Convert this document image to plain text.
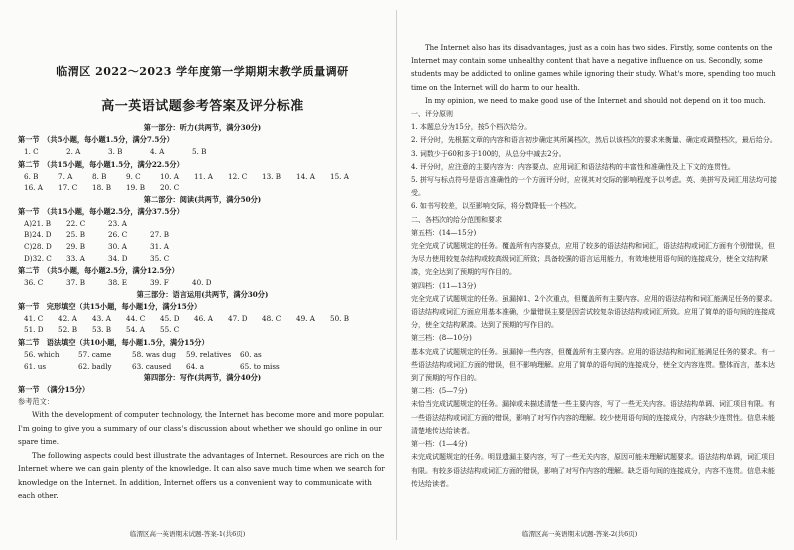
临渭区 2022～2023 学年度第一学期期末教学质量调研
高一英语试题参考答案及评分标准
第一部分：听力(共两节，满分30分)
第一节　（共5小题，每小题1.5分，满分7.5分）
1. C	2. A	3. B	4. A	5. B
第二节　（共15小题，每小题1.5分，满分22.5分）
6. B	7. A	8. B	9. C	10. A	11. A	12. C	13. B	14. A	15. A
16. A	17. C	18. B	19. B	20. C
第二部分：阅读(共两节，满分50分)
第一节　（共15小题，每小题2.5分，满分37.5分）
A)21. B	22. C	23. A
B)24. D	25. B	26. C	27. B
C)28. D	29. B	30. A	31. A
D)32. C	33. A	34. D	35. C
第二节　（共5小题，每小题2.5分，满分12.5分）
36. C	37. B	38. E	39. F	40. D
第三部分：语言运用(共两节，满分30分)
第一节　完形填空（共15小题，每小题1分，满分15分）
41. C	42. A	43. A	44. C	45. D	46. A	47. D	48. C	49. A	50. B
51. D	52. B	53. B	54. A	55. C
第二节　语法填空（共10小题，每小题1.5分，满分15分）
56. which	57. came	58. was dug	59. relatives	60. as
61. us	62. badly	63. caused	64. a	65. to miss
第四部分：写作(共两节，满分40分)
第一节　（满分15分）
参考范文：

With the development of computer technology, the Internet has become more and more popular. I'm going to give you a summary of our class's discussion about whether we should go online in our spare time.

The following aspects could best illustrate the advantages of Internet. Resources are rich on the Internet where we can gain plenty of the knowledge. It can also save much time when we search for knowledge on the Internet. In addition, Internet offers us a convenient way to communicate with each other.

The Internet also has its disadvantages, just as a coin has two sides. Firstly, some contents on the Internet may contain some unhealthy content that have a negative influence on us. Secondly, some students may be addicted to online games while ignoring their study. What's more, spending too much time on the Internet will do harm to our health.

In my opinion, we need to make good use of the Internet and should not depend on it too much.

一、评分原则

1. 本题总分为15分，按5个档次给分。

2. 评分时，先根据文章的内容和语言初步确定其所属档次，然后以该档次的要求来衡量、确定或调整档次，最后给分。

3. 词数少于60和多于100的，从总分中减去2分。

4. 评分时，应注意的主要内容为：内容要点、应用词汇和语法结构的丰富性和准确性及上下文的连贯性。

5. 拼写与标点符号是语言准确性的一个方面评分时，应视其对交际的影响程度予以考虑。英、美拼写及词汇用法均可接受。

6. 如书写较差，以至影响交际，将分数降低一个档次。

二、各档次的给分范围和要求
第五档：(14—15分)

完全完成了试题规定的任务。覆盖所有内容要点，应用了较多的语法结构和词汇，语法结构或词汇方面有个别错误，但为尽力使用较复杂结构或较高级词汇所致；具备较强的语言运用能力，有效地使用语句间的连接成分，使全文结构紧凑，完全达到了预期的写作目的。

第四档：(11—13分)

完全完成了试题规定的任务。虽漏掉1、2个次重点，但覆盖所有主要内容。应用的语法结构和词汇能满足任务的要求。语法结构或词汇方面应用基本准确，少量错误主要是因尝试较复杂语法结构或词汇所致。应用了简单的语句间的连接成分，使全文结构紧凑。达到了预期的写作目的。

第三档：(8—10分)

基本完成了试题规定的任务。虽漏掉一些内容，但覆盖所有主要内容。应用的语法结构和词汇能满足任务的要求。有一些语法结构或词汇方面的错误，但不影响理解。应用了简单的语句间的连接成分，使全文内容连贯。整体而言，基本达到了预期的写作目的。

第二档：(5—7分)

未恰当完成试题规定的任务。漏掉或未描述清楚一些主要内容，写了一些无关内容。语法结构单调、词汇项目有限。有一些语法结构或词汇方面的错误，影响了对写作内容的理解。较少使用语句间的连接成分，内容缺少连贯性。信息未能清楚地传达给读者。

第一档：(1—4分)

未完成试题规定的任务。明显遗漏主要内容，写了一些无关内容，原因可能未理解试题要求。语法结构单调，词汇项目有限。有较多语法结构或词汇方面的错误，影响了对写作内容的理解。缺乏语句间的连接成分，内容不连贯。信息未能传达给读者。

临渭区高一英语期末试题-答案-1(共6页)	临渭区高一英语期末试题-答案-2(共6页)
